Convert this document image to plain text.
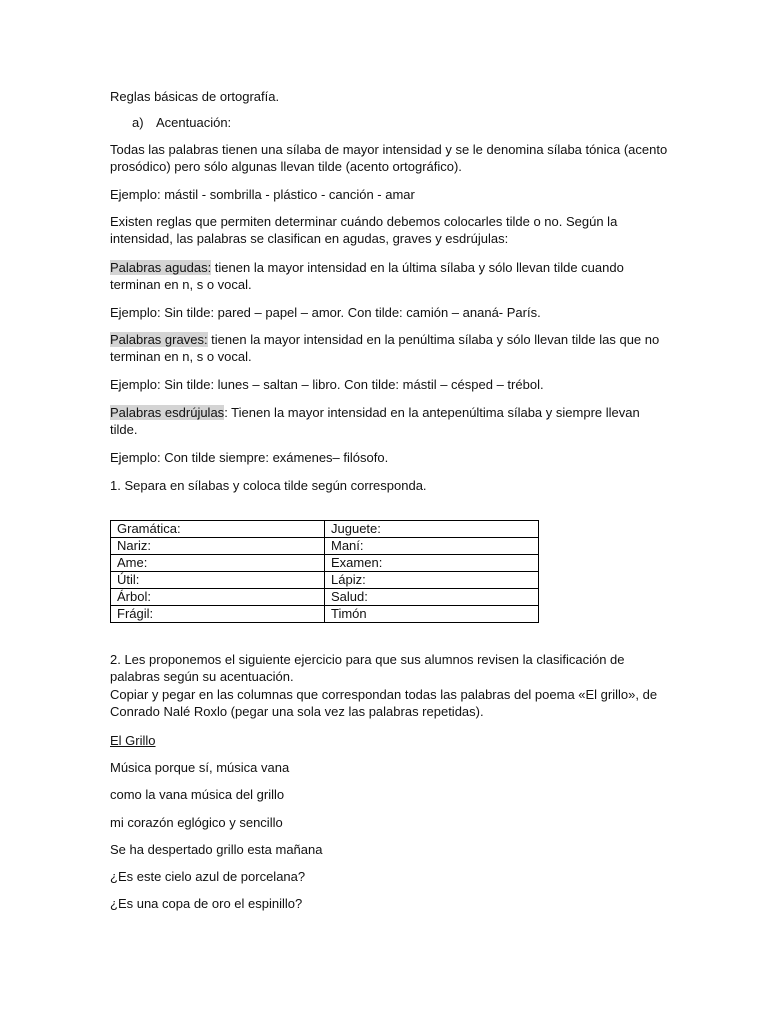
Reglas básicas de ortografía.

a) Acentuación:

Todas las palabras tienen una sílaba de mayor intensidad y se le denomina sílaba tónica (acento prosódico) pero sólo algunas llevan tilde (acento ortográfico).

Ejemplo: mástil - sombrilla - plástico - canción - amar

Existen reglas que permiten determinar cuándo debemos colocarles tilde o no. Según la intensidad, las palabras se clasifican en agudas, graves y esdrújulas:

Palabras agudas: tienen la mayor intensidad en la última sílaba y sólo llevan tilde cuando terminan en n, s o vocal.

Ejemplo: Sin tilde: pared – papel – amor. Con tilde: camión – ananá- París.

Palabras graves: tienen la mayor intensidad en la penúltima sílaba y sólo llevan tilde las que no terminan en n, s o vocal.

Ejemplo: Sin tilde: lunes – saltan – libro. Con tilde: mástil – césped – trébol.

Palabras esdrújulas: Tienen la mayor intensidad en la antepenúltima sílaba y siempre llevan tilde.

Ejemplo: Con tilde siempre: exámenes– filósofo.

1. Separa en sílabas y coloca tilde según corresponda.

Gramática:	Juguete:
Nariz:	Maní:
Ame:	Examen:
Útil:	Lápiz:
Árbol:	Salud:
Frágil:	Timón

2. Les proponemos el siguiente ejercicio para que sus alumnos revisen la clasificación de palabras según su acentuación.

Copiar y pegar en las columnas que correspondan todas las palabras del poema «El grillo», de Conrado Nalé Roxlo (pegar una sola vez las palabras repetidas).

El Grillo

Música porque sí, música vana

como la vana música del grillo

mi corazón eglógico y sencillo

Se ha despertado grillo esta mañana

¿Es este cielo azul de porcelana?

¿Es una copa de oro el espinillo?
